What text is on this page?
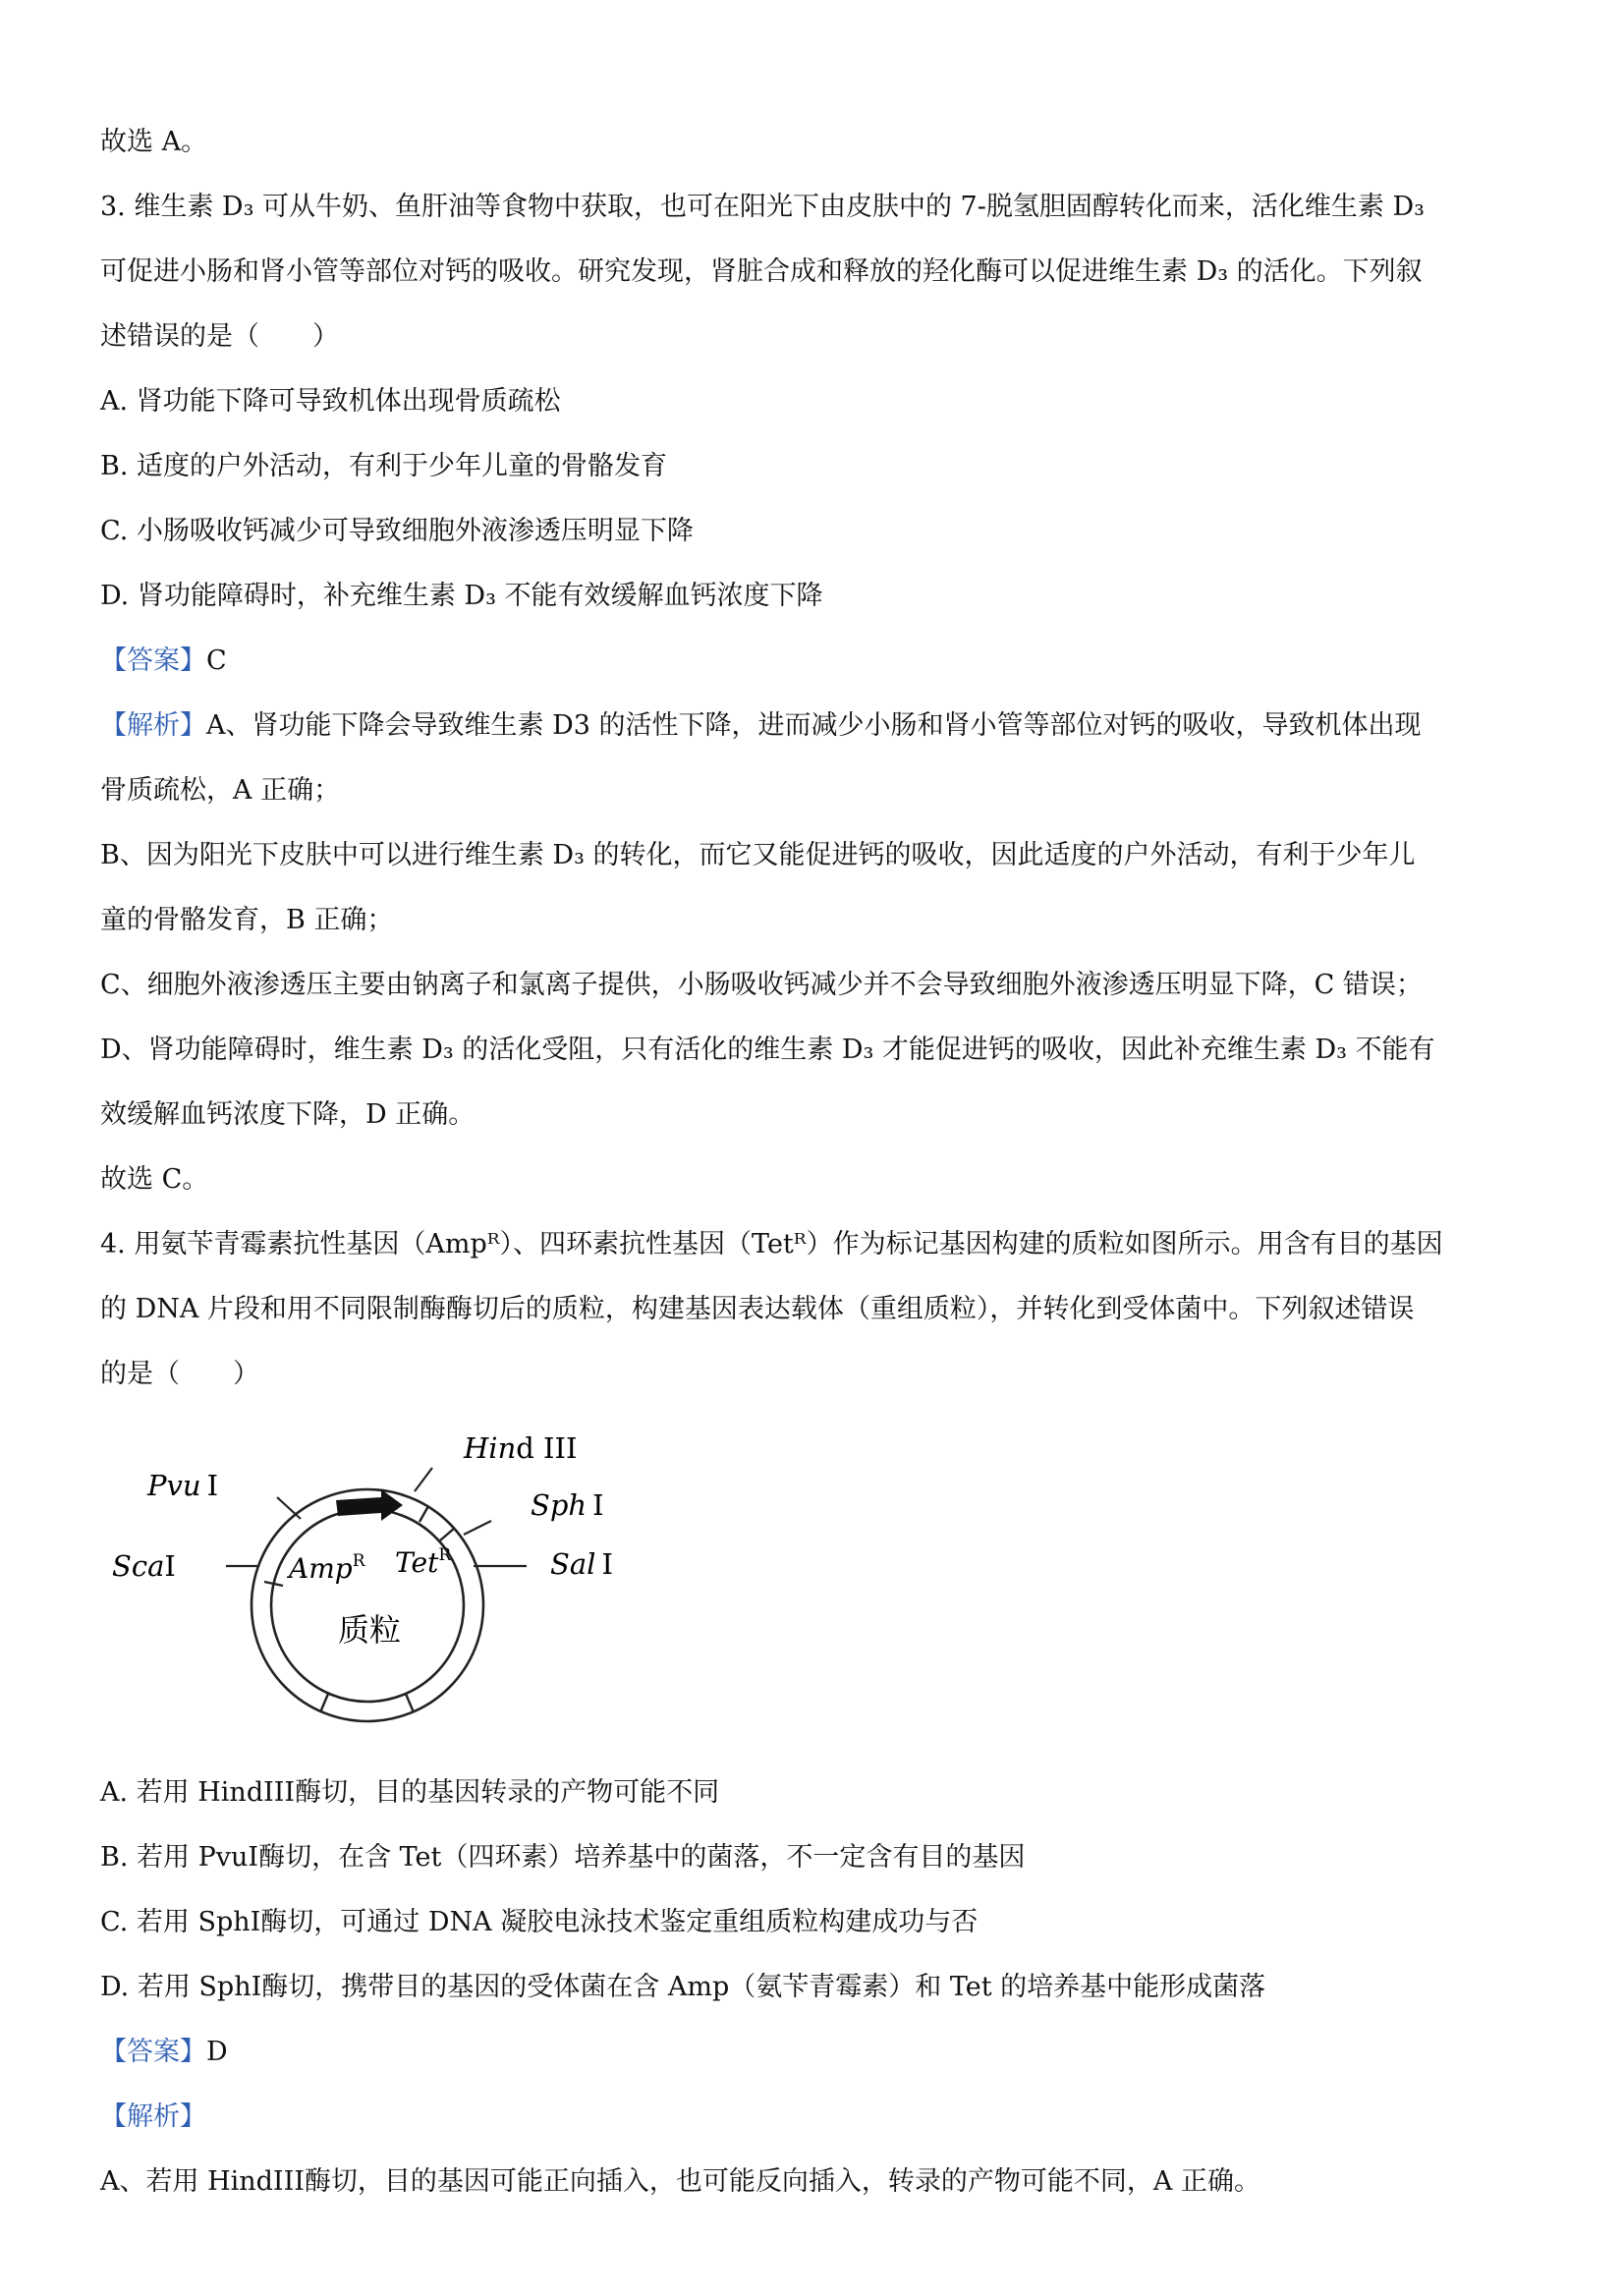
故选 A。
3. 维生素 D₃ 可从牛奶、鱼肝油等食物中获取，也可在阳光下由皮肤中的 7-脱氢胆固醇转化而来，活化维生素 D₃
可促进小肠和肾小管等部位对钙的吸收。研究发现，肾脏合成和释放的羟化酶可以促进维生素 D₃ 的活化。下列叙
述错误的是（　　）
A. 肾功能下降可导致机体出现骨质疏松
B. 适度的户外活动，有利于少年儿童的骨骼发育
C. 小肠吸收钙减少可导致细胞外液渗透压明显下降
D. 肾功能障碍时，补充维生素 D₃ 不能有效缓解血钙浓度下降
【答案】C
【解析】A、肾功能下降会导致维生素 D3 的活性下降，进而减少小肠和肾小管等部位对钙的吸收，导致机体出现
骨质疏松，A 正确；
B、因为阳光下皮肤中可以进行维生素 D₃ 的转化，而它又能促进钙的吸收，因此适度的户外活动，有利于少年儿
童的骨骼发育，B 正确；
C、细胞外液渗透压主要由钠离子和氯离子提供，小肠吸收钙减少并不会导致细胞外液渗透压明显下降，C 错误；
D、肾功能障碍时，维生素 D₃ 的活化受阻，只有活化的维生素 D₃ 才能促进钙的吸收，因此补充维生素 D₃ 不能有
效缓解血钙浓度下降，D 正确。
故选 C。
4. 用氨苄青霉素抗性基因（Ampᴿ）、四环素抗性基因（Tetᴿ）作为标记基因构建的质粒如图所示。用含有目的基因
的 DNA 片段和用不同限制酶酶切后的质粒，构建基因表达载体（重组质粒），并转化到受体菌中。下列叙述错误
的是（　　）
Pvu I
ScaI
Hind III
Sph I
Sal I
Amp$^R$ Tet$^R$
质粒
A. 若用 HindIII酶切，目的基因转录的产物可能不同
B. 若用 PvuⅠ酶切，在含 Tet（四环素）培养基中的菌落，不一定含有目的基因
C. 若用 SphⅠ酶切，可通过 DNA 凝胶电泳技术鉴定重组质粒构建成功与否
D. 若用 SphⅠ酶切，携带目的基因的受体菌在含 Amp（氨苄青霉素）和 Tet 的培养基中能形成菌落
【答案】D
【解析】
A、若用 HindIII酶切，目的基因可能正向插入，也可能反向插入，转录的产物可能不同，A 正确。
